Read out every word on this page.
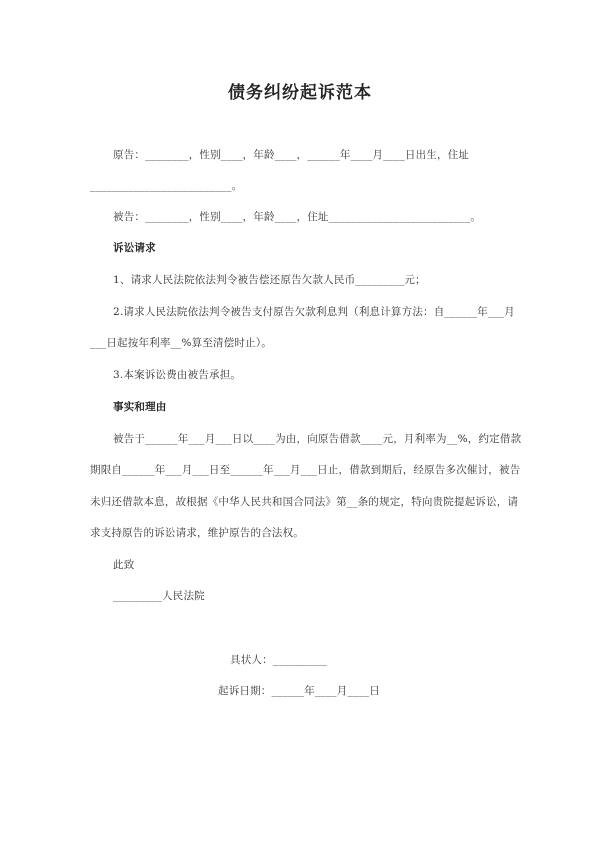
债务纠纷起诉范本
原告：________，性别____，年龄____，______年____月____日出生，住址
__________________________。
被告：________，性别____，年龄____，住址__________________________。
诉讼请求
1、请求人民法院依法判令被告偿还原告欠款人民币_________元；
2.请求人民法院依法判令被告支付原告欠款利息判（利息计算方法：自______年___月
___日起按年利率__%算至清偿时止）。
3.本案诉讼费由被告承担。
事实和理由
被告于______年___月___日以____为由，向原告借款____元，月利率为__%，约定借款
期限自______年___月___日至______年___月___日止，借款到期后，经原告多次催讨，被告
未归还借款本息，故根据《中华人民共和国合同法》第__条的规定，特向贵院提起诉讼，请
求支持原告的诉讼请求，维护原告的合法权。
此致
_________人民法院
具状人：__________
起诉日期：______年____月____日
